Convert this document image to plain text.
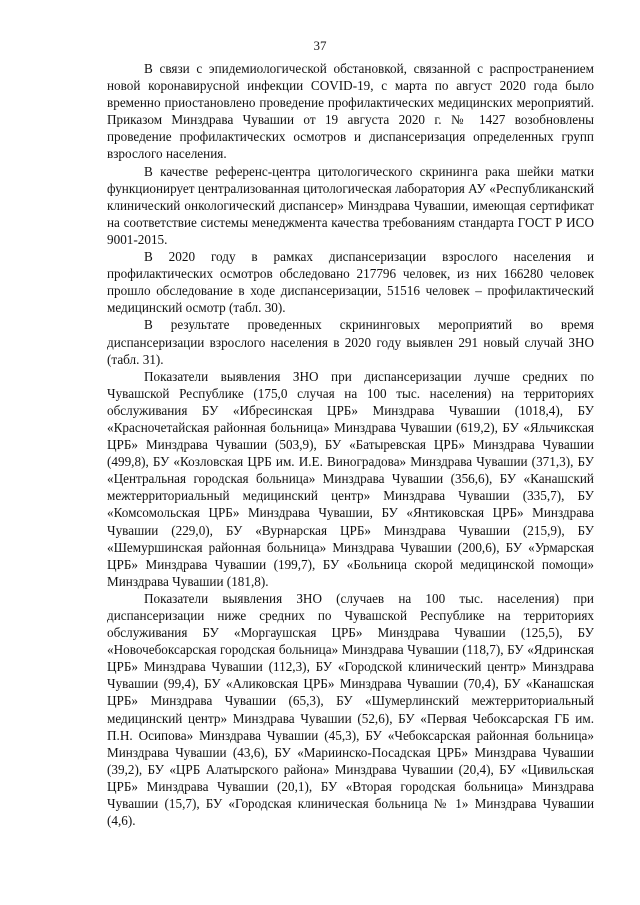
37

В связи с эпидемиологической обстановкой, связанной с распространением новой коронавирусной инфекции COVID-19, с марта по август 2020 года было временно приостановлено проведение профилактических медицинских мероприятий. Приказом Минздрава Чувашии от 19 августа 2020 г. № 1427 возобновлены проведение профилактических осмотров и диспансеризация определенных групп взрослого населения.

В качестве референс-центра цитологического скрининга рака шейки матки функционирует централизованная цитологическая лаборатория АУ «Республиканский клинический онкологический диспансер» Минздрава Чувашии, имеющая сертификат на соответствие системы менеджмента качества требованиям стандарта ГОСТ Р ИСО 9001-2015.

В 2020 году в рамках диспансеризации взрослого населения и профилактических осмотров обследовано 217796 человек, из них 166280 человек прошло обследование в ходе диспансеризации, 51516 человек – профилактический медицинский осмотр (табл. 30).

В результате проведенных скрининговых мероприятий во время диспансеризации взрослого населения в 2020 году выявлен 291 новый случай ЗНО (табл. 31).

Показатели выявления ЗНО при диспансеризации лучше средних по Чувашской Республике (175,0 случая на 100 тыс. населения) на территориях обслуживания БУ «Ибресинская ЦРБ» Минздрава Чувашии (1018,4), БУ «Красночетайская районная больница» Минздрава Чувашии (619,2), БУ «Яльчикская ЦРБ» Минздрава Чувашии (503,9), БУ «Батыревская ЦРБ» Минздрава Чувашии (499,8), БУ «Козловская ЦРБ им. И.Е. Виноградова» Минздрава Чувашии (371,3), БУ «Центральная городская больница» Минздрава Чувашии (356,6), БУ «Канашский межтерриториальный медицинский центр» Минздрава Чувашии (335,7), БУ «Комсомольская ЦРБ» Минздрава Чувашии, БУ «Янтиковская ЦРБ» Минздрава Чувашии (229,0), БУ «Вурнарская ЦРБ» Минздрава Чувашии (215,9), БУ «Шемуршинская районная больница» Минздрава Чувашии (200,6), БУ «Урмарская ЦРБ» Минздрава Чувашии (199,7), БУ «Больница скорой медицинской помощи» Минздрава Чувашии (181,8).

Показатели выявления ЗНО (случаев на 100 тыс. населения) при диспансеризации ниже средних по Чувашской Республике на территориях обслуживания БУ «Моргаушская ЦРБ» Минздрава Чувашии (125,5), БУ «Новочебоксарская городская больница» Минздрава Чувашии (118,7), БУ «Ядринская ЦРБ» Минздрава Чувашии (112,3), БУ «Городской клинический центр» Минздрава Чувашии (99,4), БУ «Аликовская ЦРБ» Минздрава Чувашии (70,4), БУ «Канашская ЦРБ» Минздрава Чувашии (65,3), БУ «Шумерлинский межтерриториальный медицинский центр» Минздрава Чувашии (52,6), БУ «Первая Чебоксарская ГБ им. П.Н. Осипова» Минздрава Чувашии (45,3), БУ «Чебоксарская районная больница» Минздрава Чувашии (43,6), БУ «Мариинско-Посадская ЦРБ» Минздрава Чувашии (39,2), БУ «ЦРБ Алатырского района» Минздрава Чувашии (20,4), БУ «Цивильская ЦРБ» Минздрава Чувашии (20,1), БУ «Вторая городская больница» Минздрава Чувашии (15,7), БУ «Городская клиническая больница № 1» Минздрава Чувашии (4,6).
